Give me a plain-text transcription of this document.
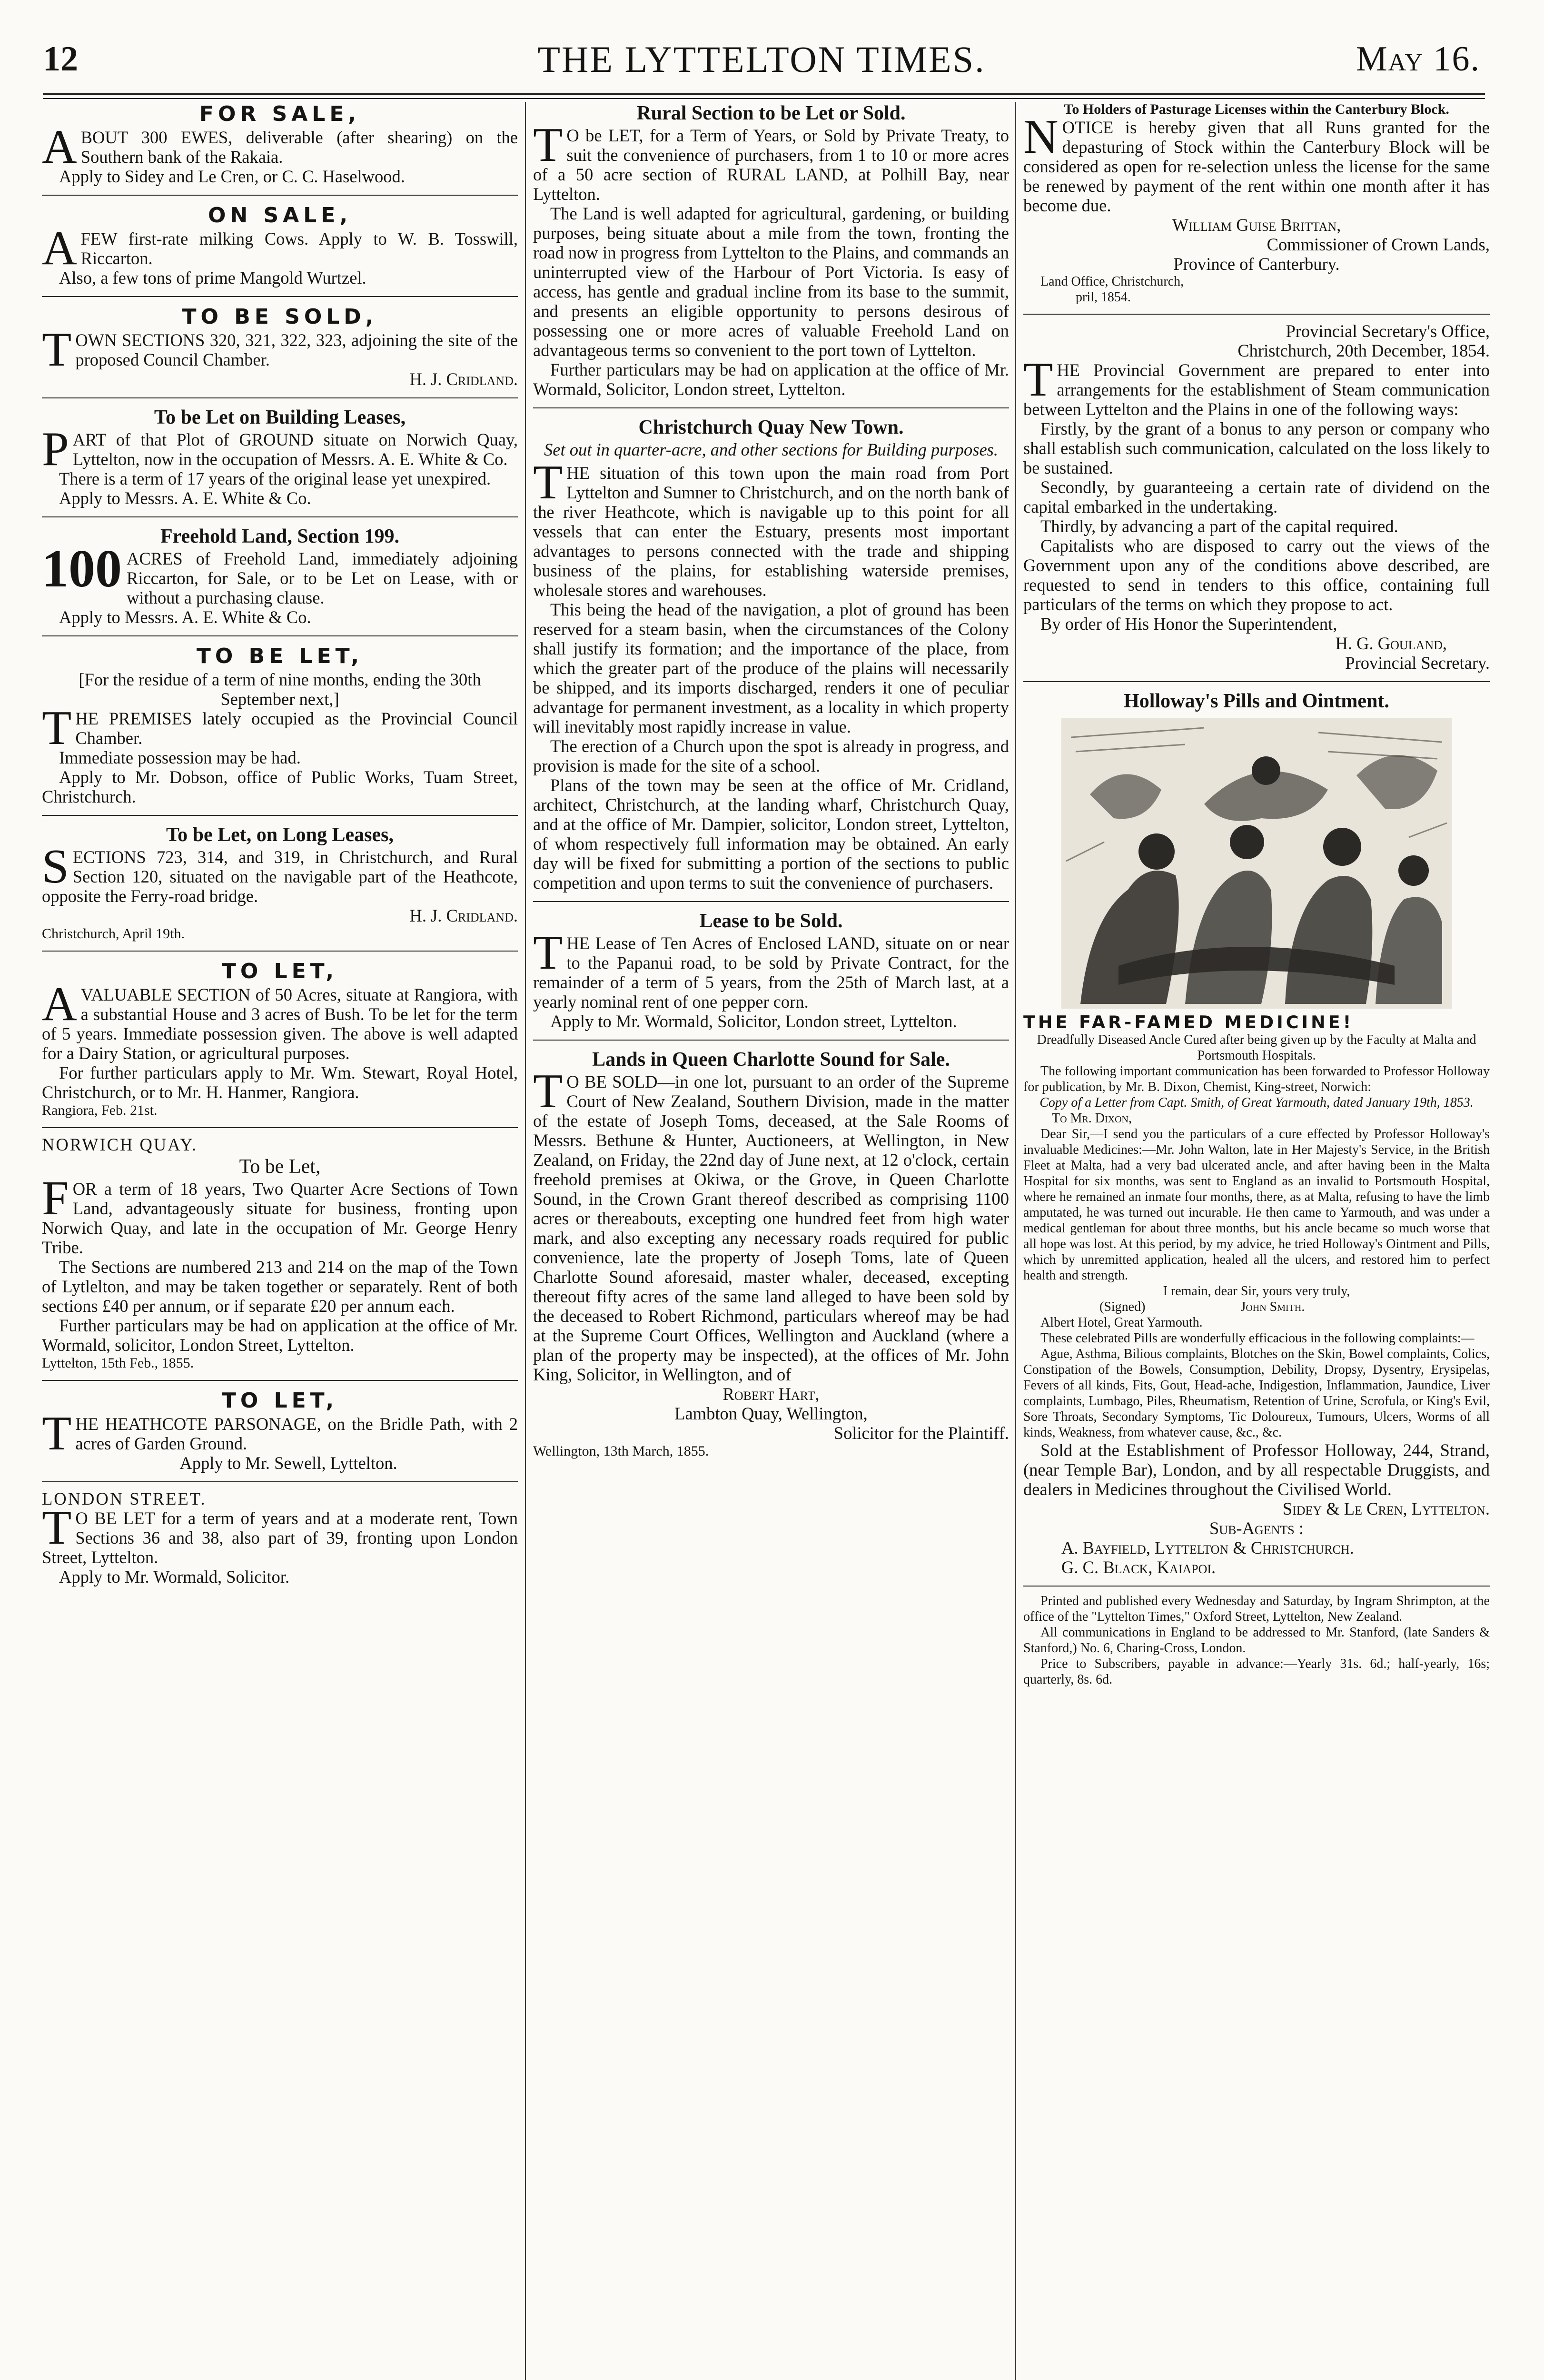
12	THE LYTTELTON TIMES.	May 16.
FOR SALE,

ABOUT 300 EWES, deliverable (after shearing) on the Southern bank of the Rakaia.

Apply to Sidey and Le Cren, or C. C. Haselwood.

ON SALE,

AFEW first-rate milking Cows. Apply to W. B. Tosswill, Riccarton.

Also, a few tons of prime Mangold Wurtzel.

TO BE SOLD,

TOWN SECTIONS 320, 321, 322, 323, adjoining the site of the proposed Council Chamber.

H. J. Cridland.

To be Let on Building Leases,

PART of that Plot of GROUND situate on Norwich Quay, Lyttelton, now in the occupation of Messrs. A. E. White & Co.

There is a term of 17 years of the original lease yet unexpired.

Apply to Messrs. A. E. White & Co.

Freehold Land, Section 199.

100 ACRES of Freehold Land, immediately adjoining Riccarton, for Sale, or to be Let on Lease, with or without a purchasing clause.

Apply to Messrs. A. E. White & Co.

TO BE LET,

[For the residue of a term of nine months, ending the 30th September next,]

THE PREMISES lately occupied as the Provincial Council Chamber.

Immediate possession may be had.

Apply to Mr. Dobson, office of Public Works, Tuam Street, Christchurch.

To be Let, on Long Leases,

SECTIONS 723, 314, and 319, in Christchurch, and Rural Section 120, situated on the navigable part of the Heathcote, opposite the Ferry-road bridge.

H. J. Cridland.

Christchurch, April 19th.

TO LET,

AVALUABLE SECTION of 50 Acres, situate at Rangiora, with a substantial House and 3 acres of Bush. To be let for the term of 5 years. Immediate possession given. The above is well adapted for a Dairy Station, or agricultural purposes.

For further particulars apply to Mr. Wm. Stewart, Royal Hotel, Christchurch, or to Mr. H. Hanmer, Rangiora.

Rangiora, Feb. 21st.

NORWICH QUAY.

To be Let,

FOR a term of 18 years, Two Quarter Acre Sections of Town Land, advantageously situate for business, fronting upon Norwich Quay, and late in the occupation of Mr. George Henry Tribe.

The Sections are numbered 213 and 214 on the map of the Town of Lytlelton, and may be taken together or separately. Rent of both sections £40 per annum, or if separate £20 per annum each.

Further particulars may be had on application at the office of Mr. Wormald, solicitor, London Street, Lyttelton.

Lyttelton, 15th Feb., 1855.

TO LET,

THE HEATHCOTE PARSONAGE, on the Bridle Path, with 2 acres of Garden Ground.

Apply to Mr. Sewell, Lyttelton.

LONDON STREET.

T O BE LET for a term of years and at a moderate rent, Town Sections 36 and 38, also part of 39, fronting upon London Street, Lyttelton.

Apply to Mr. Wormald, Solicitor.

Rural Section to be Let or Sold.

T O be LET, for a Term of Years, or Sold by Private Treaty, to suit the convenience of purchasers, from 1 to 10 or more acres of a 50 acre section of RURAL LAND, at Polhill Bay, near Lyttelton.

The Land is well adapted for agricultural, gardening, or building purposes, being situate about a mile from the town, fronting the road now in progress from Lyttelton to the Plains, and commands an uninterrupted view of the Harbour of Port Victoria. Is easy of access, has gentle and gradual incline from its base to the summit, and presents an eligible opportunity to persons desirous of possessing one or more acres of valuable Freehold Land on advantageous terms so convenient to the port town of Lyttelton.

Further particulars may be had on application at the office of Mr. Wormald, Solicitor, London street, Lyttelton.

Christchurch Quay New Town.

Set out in quarter-acre, and other sections for Building purposes.

THE situation of this town upon the main road from Port Lyttelton and Sumner to Christchurch, and on the north bank of the river Heathcote, which is navigable up to this point for all vessels that can enter the Estuary, presents most important advantages to persons connected with the trade and shipping business of the plains, for establishing waterside premises, wholesale stores and warehouses.

This being the head of the navigation, a plot of ground has been reserved for a steam basin, when the circumstances of the Colony shall justify its formation; and the importance of the place, from which the greater part of the produce of the plains will necessarily be shipped, and its imports discharged, renders it one of peculiar advantage for permanent investment, as a locality in which property will inevitably most rapidly increase in value.

The erection of a Church upon the spot is already in progress, and provision is made for the site of a school.

Plans of the town may be seen at the office of Mr. Cridland, architect, Christchurch, at the landing wharf, Christchurch Quay, and at the office of Mr. Dampier, solicitor, London street, Lyttelton, of whom respectively full information may be obtained. An early day will be fixed for submitting a portion of the sections to public competition and upon terms to suit the convenience of purchasers.

Lease to be Sold.

THE Lease of Ten Acres of Enclosed LAND, situate on or near to the Papanui road, to be sold by Private Contract, for the remainder of a term of 5 years, from the 25th of March last, at a yearly nominal rent of one pepper corn.

Apply to Mr. Wormald, Solicitor, London street, Lyttelton.

Lands in Queen Charlotte Sound for Sale.

T O BE SOLD—in one lot, pursuant to an order of the Supreme Court of New Zealand, Southern Division, made in the matter of the estate of Joseph Toms, deceased, at the Sale Rooms of Messrs. Bethune & Hunter, Auctioneers, at Wellington, in New Zealand, on Friday, the 22nd day of June next, at 12 o'clock, certain freehold premises at Okiwa, or the Grove, in Queen Charlotte Sound, in the Crown Grant thereof described as comprising 1100 acres or thereabouts, excepting one hundred feet from high water mark, and also excepting any necessary roads required for public convenience, late the property of Joseph Toms, late of Queen Charlotte Sound aforesaid, master whaler, deceased, excepting thereout fifty acres of the same land alleged to have been sold by the deceased to Robert Richmond, particulars whereof may be had at the Supreme Court Offices, Wellington and Auckland (where a plan of the property may be inspected), at the offices of Mr. John King, Solicitor, in Wellington, and of

Robert Hart,

Lambton Quay, Wellington,

Solicitor for the Plaintiff.

Wellington, 13th March, 1855.

To Holders of Pasturage Licenses within the Canterbury Block.

NOTICE is hereby given that all Runs granted for the depasturing of Stock within the Canterbury Block will be considered as open for re-selection unless the license for the same be renewed by payment of the rent within one month after it has become due.

William Guise Brittan,

Commissioner of Crown Lands,

Province of Canterbury.

Land Office, Christchurch,

pril, 1854.

Provincial Secretary's Office,

Christchurch, 20th December, 1854.

THE Provincial Government are prepared to enter into arrangements for the establishment of Steam communication between Lyttelton and the Plains in one of the following ways:

Firstly, by the grant of a bonus to any person or company who shall establish such communication, calculated on the loss likely to be sustained.

Secondly, by guaranteeing a certain rate of dividend on the capital embarked in the undertaking.

Thirdly, by advancing a part of the capital required.

Capitalists who are disposed to carry out the views of the Government upon any of the conditions above described, are requested to send in tenders to this office, containing full particulars of the terms on which they propose to act.

By order of His Honor the Superintendent,

H. G. Gouland,

Provincial Secretary.

Holloway's Pills and Ointment.

THE FAR-FAMED MEDICINE!

Dreadfully Diseased Ancle Cured after being given up by the Faculty at Malta and Portsmouth Hospitals.

The following important communication has been forwarded to Professor Holloway for publication, by Mr. B. Dixon, Chemist, King-street, Norwich:

Copy of a Letter from Capt. Smith, of Great Yarmouth, dated January 19th, 1853.

To Mr. Dixon,

Dear Sir,—I send you the particulars of a cure effected by Professor Holloway's invaluable Medicines:—Mr. John Walton, late in Her Majesty's Service, in the British Fleet at Malta, had a very bad ulcerated ancle, and after having been in the Malta Hospital for six months, was sent to England as an invalid to Portsmouth Hospital, where he remained an inmate four months, there, as at Malta, refusing to have the limb amputated, he was turned out incurable. He then came to Yarmouth, and was under a medical gentleman for about three months, but his ancle became so much worse that all hope was lost. At this period, by my advice, he tried Holloway's Ointment and Pills, which by unremitted application, healed all the ulcers, and restored him to perfect health and strength.

I remain, dear Sir, yours very truly,

(Signed)	John Smith.

Albert Hotel, Great Yarmouth.

These celebrated Pills are wonderfully efficacious in the following complaints:—

Ague, Asthma, Bilious complaints, Blotches on the Skin, Bowel complaints, Colics, Constipation of the Bowels, Consumption, Debility, Dropsy, Dysentry, Erysipelas, Fevers of all kinds, Fits, Gout, Head-ache, Indigestion, Inflammation, Jaundice, Liver complaints, Lumbago, Piles, Rheumatism, Retention of Urine, Scrofula, or King's Evil, Sore Throats, Secondary Symptoms, Tic Doloureux, Tumours, Ulcers, Worms of all kinds, Weakness, from whatever cause, &c., &c.

Sold at the Establishment of Professor Holloway, 244, Strand, (near Temple Bar), London, and by all respectable Druggists, and dealers in Medicines throughout the Civilised World.

Sidey & Le Cren, Lyttelton.

Sub-Agents :

A. Bayfield, Lyttelton & Christchurch.

G. C. Black, Kaiapoi.

Printed and published every Wednesday and Saturday, by Ingram Shrimpton, at the office of the "Lyttelton Times," Oxford Street, Lyttelton, New Zealand.

All communications in England to be addressed to Mr. Stanford, (late Sanders & Stanford,) No. 6, Charing-Cross, London.

Price to Subscribers, payable in advance:—Yearly 31s. 6d.; half-yearly, 16s; quarterly, 8s. 6d.
